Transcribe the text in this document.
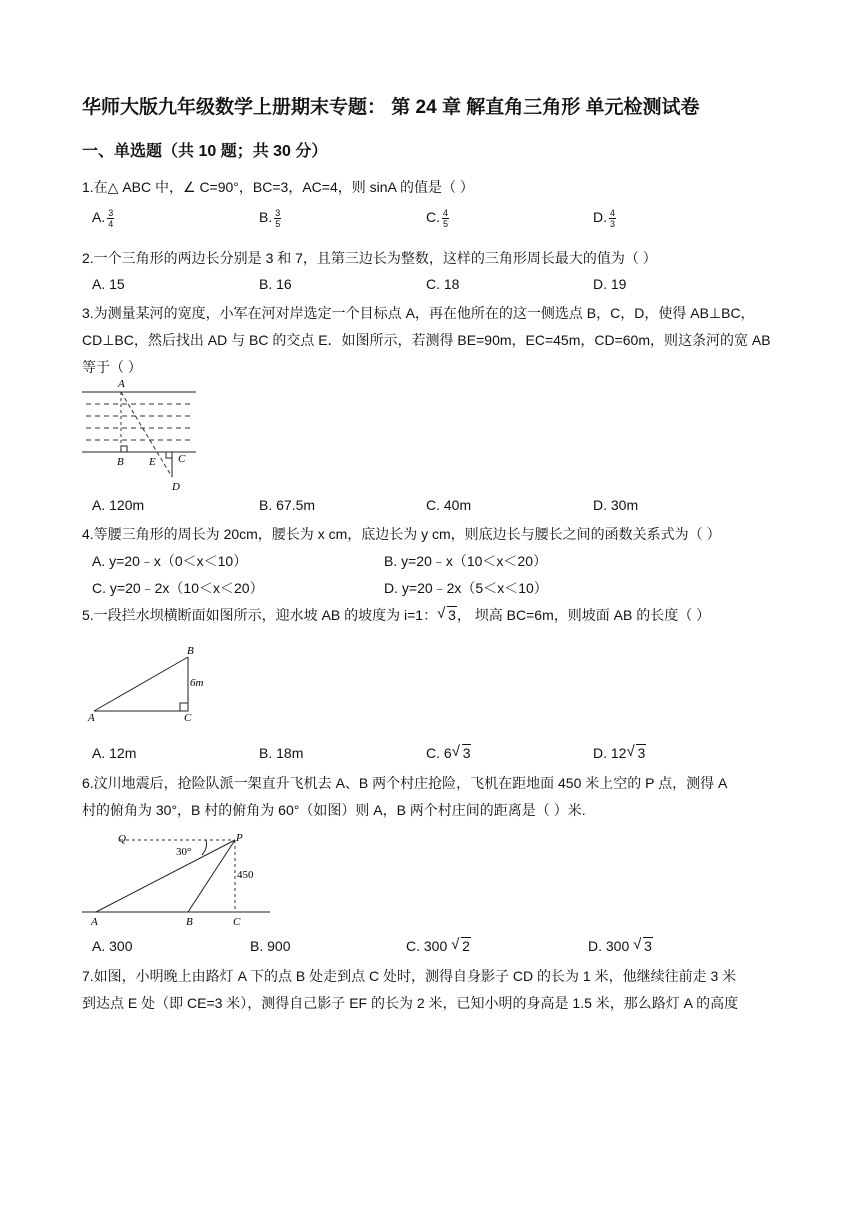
华师大版九年级数学上册期末专题： 第 24 章 解直角三角形 单元检测试卷
一、单选题（共 10 题；共 30 分）
1.在△ ABC 中，∠ C=90°，BC=3，AC=4，则 sinA 的值是（ ）
A. $\frac{3}{4}$	B. $\frac{3}{5}$	C. $\frac{4}{5}$	D. $\frac{4}{3}$
2.一个三角形的两边长分别是 3 和 7，且第三边长为整数，这样的三角形周长最大的值为（ ）
A. 15	B. 16	C. 18	D. 19
3.为测量某河的宽度，小军在河对岸选定一个目标点 A，再在他所在的这一侧选点 B，C，D，使得 AB⊥BC，
CD⊥BC，然后找出 AD 与 BC 的交点 E．如图所示，若测得 BE=90m，EC=45m，CD=60m，则这条河的宽 AB
等于（ ）
A
B E C
D
A. 120m	B. 67.5m	C. 40m	D. 30m
4.等腰三角形的周长为 20cm，腰长为 x cm，底边长为 y cm，则底边长与腰长之间的函数关系式为（ ）
A. y=20﹣x（0＜x＜10）	B. y=20﹣x（10＜x＜20）
C. y=20﹣2x（10＜x＜20）	D. y=20﹣2x（5＜x＜10）
5.一段拦水坝横断面如图所示，迎水坡 AB 的坡度为 i=1： √ 3， 坝高 BC=6m，则坡面 AB 的长度（ ）
B
6m
A	C
A. 12m	B. 18m	C. 6 √ 3	D. 12 √ 3
6.汶川地震后，抢险队派一架直升飞机去 A、B 两个村庄抢险，飞机在距地面 450 米上空的 P 点，测得 A
村的俯角为 30°，B 村的俯角为 60°（如图）则 A，B 两个村庄间的距离是（ ）米.
Q	P
30°
450
A	B	C
A. 300	B. 900	C. 300 √ 2	D. 300 √ 3
7.如图，小明晚上由路灯 A 下的点 B 处走到点 C 处时，测得自身影子 CD 的长为 1 米，他继续往前走 3 米
到达点 E 处（即 CE=3 米），测得自己影子 EF 的长为 2 米，已知小明的身高是 1.5 米，那么路灯 A 的高度
